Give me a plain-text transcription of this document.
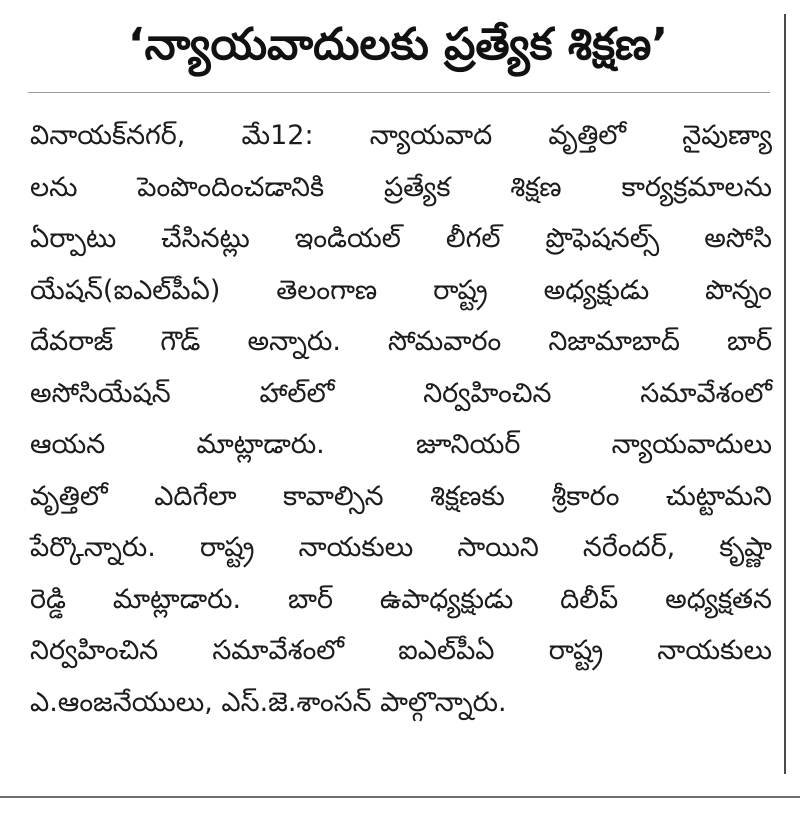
‘న్యాయవాదులకు ప్రత్యేక శిక్షణ’
వినాయక్‌నగర్, మే12: న్యాయవాద వృత్తిలో నైపుణ్యా
లను పెంపొందించడానికి ప్రత్యేక శిక్షణ కార్యక్రమాలను
ఏర్పాటు చేసినట్లు ఇండియల్ లీగల్ ప్రొఫెషనల్స్ అసోసి
యేషన్(ఐఎల్‌పీఏ) తెలంగాణ రాష్ట్ర అధ్యక్షుడు పొన్నం
దేవరాజ్ గౌడ్ అన్నారు. సోమవారం నిజామాబాద్ బార్
అసోసియేషన్ హాల్‌లో నిర్వహించిన సమావేశంలో
ఆయన మాట్లాడారు. జూనియర్ న్యాయవాదులు
వృత్తిలో ఎదిగేలా కావాల్సిన శిక్షణకు శ్రీకారం చుట్టామని
పేర్కొన్నారు. రాష్ట్ర నాయకులు సాయిని నరేందర్, కృష్ణా
రెడ్డి మాట్లాడారు. బార్ ఉపాధ్యక్షుడు దిలీప్ అధ్యక్షతన
నిర్వహించిన సమావేశంలో ఐఎల్‌పీఏ రాష్ట్ర నాయకులు
ఎ.ఆంజనేయులు, ఎస్.జె.శాంసన్ పాల్గొన్నారు.
